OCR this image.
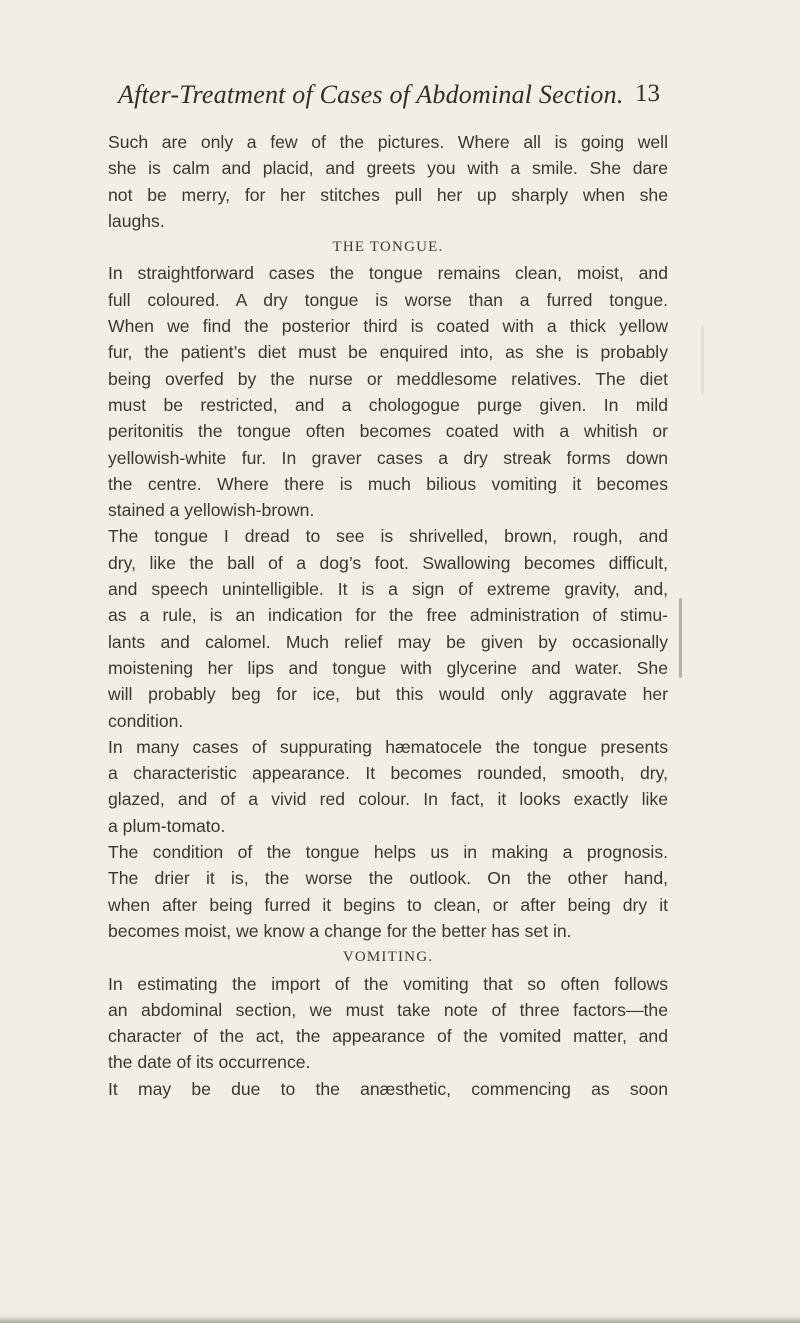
After-Treatment of Cases of Abdominal Section. 13
Such are only a few of the pictures. Where all is going well
she is calm and placid, and greets you with a smile. She dare
not be merry, for her stitches pull her up sharply when she
laughs.
THE TONGUE.
In straightforward cases the tongue remains clean, moist, and
full coloured. A dry tongue is worse than a furred tongue.
When we find the posterior third is coated with a thick yellow
fur, the patient’s diet must be enquired into, as she is probably
being overfed by the nurse or meddlesome relatives. The diet
must be restricted, and a chologogue purge given. In mild
peritonitis the tongue often becomes coated with a whitish or
yellowish-white fur. In graver cases a dry streak forms down
the centre. Where there is much bilious vomiting it becomes
stained a yellowish-brown.
The tongue I dread to see is shrivelled, brown, rough, and
dry, like the ball of a dog’s foot. Swallowing becomes difficult,
and speech unintelligible. It is a sign of extreme gravity, and,
as a rule, is an indication for the free administration of stimu-
lants and calomel. Much relief may be given by occasionally
moistening her lips and tongue with glycerine and water. She
will probably beg for ice, but this would only aggravate her
condition.
In many cases of suppurating hæmatocele the tongue presents
a characteristic appearance. It becomes rounded, smooth, dry,
glazed, and of a vivid red colour. In fact, it looks exactly like
a plum-tomato.
The condition of the tongue helps us in making a prognosis.
The drier it is, the worse the outlook. On the other hand,
when after being furred it begins to clean, or after being dry it
becomes moist, we know a change for the better has set in.
VOMITING.
In estimating the import of the vomiting that so often follows
an abdominal section, we must take note of three factors—the
character of the act, the appearance of the vomited matter, and
the date of its occurrence.
It may be due to the anæsthetic, commencing as soon
